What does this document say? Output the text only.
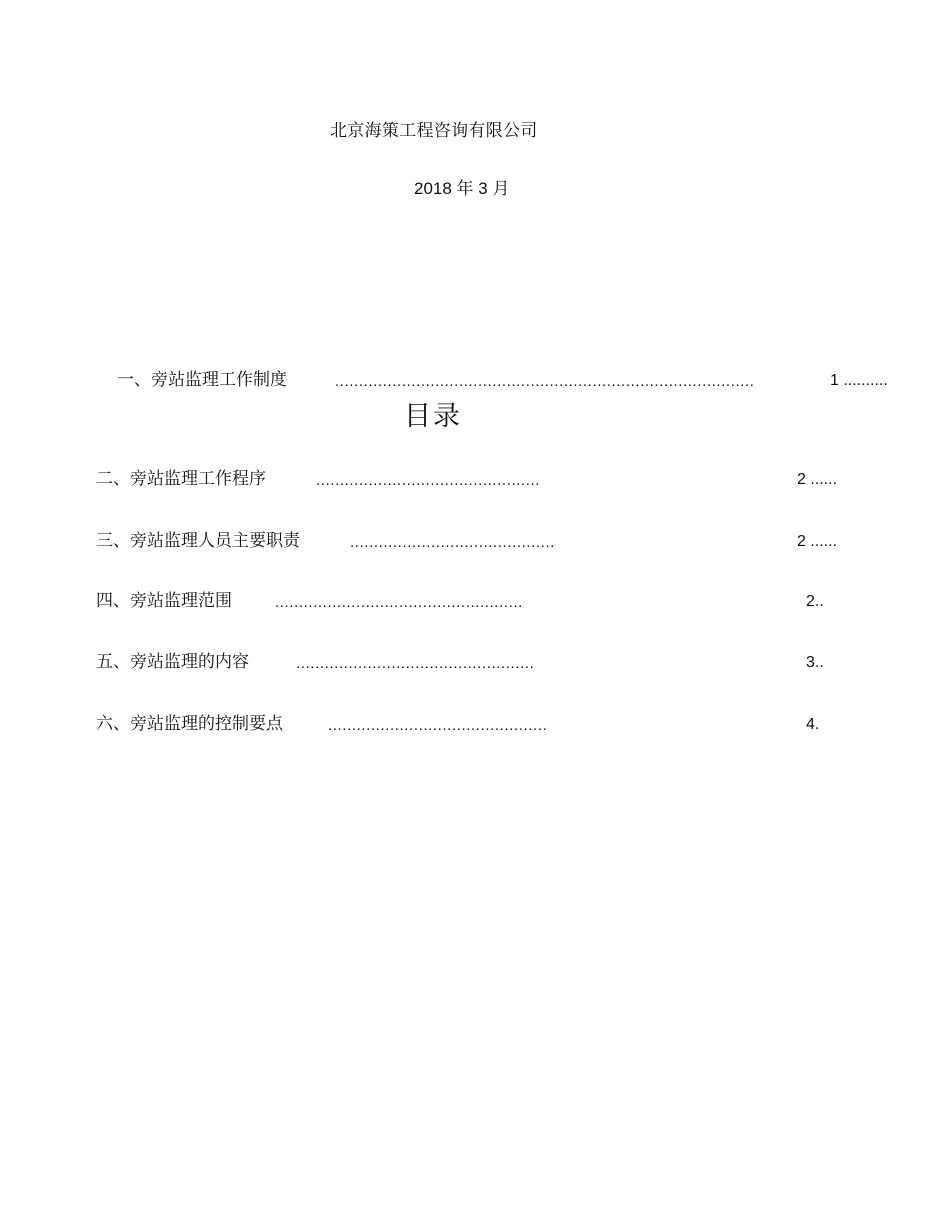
北京海策工程咨询有限公司
2018 年 3 月
目录
一、旁站监理工作制度	........................................................................................	1 ..........
二、旁站监理工作程序	...............................................	2 ......
三、旁站监理人员主要职责	...........................................	2 ......
四、旁站监理范围	....................................................	2..
五、旁站监理的内容	..................................................	3..
六、旁站监理的控制要点	..............................................	4.
